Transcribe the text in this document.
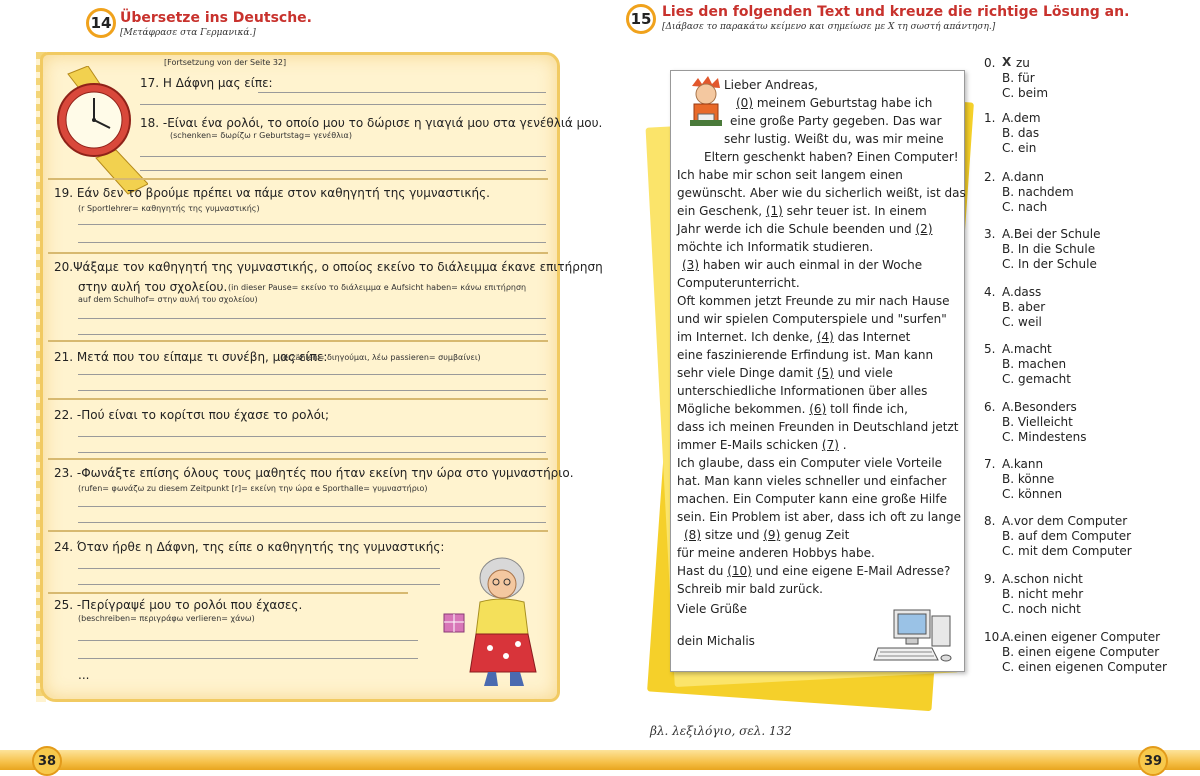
14 Übersetze ins Deutsche.
[Μετάφρασε στα Γερμανικά.]
[Fortsetzung von der Seite 32]
17. Η Δάφνη μας είπε:
18. -Είναι ένα ρολόι, το οποίο μου το δώρισε η γιαγιά μου στα γενέθλιά μου.
(schenken= δωρίζω r Geburtstag= γενέθλια)
19. Εάν δεν το βρούμε πρέπει να πάμε στον καθηγητή της γυμναστικής.
(r Sportlehrer= καθηγητής της γυμναστικής)
20.Ψάξαμε τον καθηγητή της γυμναστικής, ο οποίος εκείνο το διάλειμμα έκανε επιτήρηση
στην αυλή του σχολείου. (in dieser Pause= εκείνο το διάλειμμα e Aufsicht haben= κάνω επιτήρηση
auf dem Schulhof= στην αυλή του σχολείου)
21. Μετά που του είπαμε τι συνέβη, μας είπε:
(erzählen= διηγούμαι, λέω passieren= συμβαίνει)
22. -Πού είναι το κορίτσι που έχασε το ρολόι;
23. -Φωνάξτε επίσης όλους τους μαθητές που ήταν εκείνη την ώρα στο γυμναστήριο.
(rufen= φωνάζω zu diesem Zeitpunkt [r]= εκείνη την ώρα e Sporthalle= γυμναστήριο)
24. Όταν ήρθε η Δάφνη, της είπε ο καθηγητής της γυμναστικής:
25. -Περίγραψέ μου το ρολόι που έχασες.
(beschreiben= περιγράφω verlieren= χάνω)
...
15 Lies den folgenden Text und kreuze die richtige Lösung an.
[Διάβασε το παρακάτω κείμενο και σημείωσε με Χ τη σωστή απάντηση.]
Lieber Andreas,
(0) meinem Geburtstag habe ich
eine große Party gegeben. Das war
sehr lustig. Weißt du, was mir meine
Eltern geschenkt haben? Einen Computer!
Ich habe mir schon seit langem einen
gewünscht. Aber wie du sicherlich weißt, ist das
ein Geschenk, (1) sehr teuer ist. In einem
Jahr werde ich die Schule beenden und (2)
möchte ich Informatik studieren.
(3) haben wir auch einmal in der Woche
Computerunterricht.
Oft kommen jetzt Freunde zu mir nach Hause
und wir spielen Computerspiele und "surfen"
im Internet. Ich denke, (4) das Internet
eine faszinierende Erfindung ist. Man kann
sehr viele Dinge damit (5) und viele
unterschiedliche Informationen über alles
Mögliche bekommen. (6) toll finde ich,
dass ich meinen Freunden in Deutschland jetzt
immer E-Mails schicken (7) .
Ich glaube, dass ein Computer viele Vorteile
hat. Man kann vieles schneller und einfacher
machen. Ein Computer kann eine große Hilfe
sein. Ein Problem ist aber, dass ich oft zu lange
(8) sitze und (9) genug Zeit
für meine anderen Hobbys habe.
Hast du (10) und eine eigene E-Mail Adresse?
Schreib mir bald zurück.
Viele Grüße
dein Michalis
0. zu
X
B. für
C. beim
1. A.dem
B. das
C. ein
2. A.dann
B. nachdem
C. nach
3. A.Bei der Schule
B. In die Schule
C. In der Schule
4. A.dass
B. aber
C. weil
5. A.macht
B. machen
C. gemacht
6. A.Besonders
B. Vielleicht
C. Mindestens
7. A.kann
B. könne
C. können
8. A.vor dem Computer
B. auf dem Computer
C. mit dem Computer
9. A.schon nicht
B. nicht mehr
C. noch nicht
10.A.einen eigener Computer
B. einen eigene Computer
C. einen eigenen Computer
βλ. λεξιλόγιο, σελ. 132
38	39
